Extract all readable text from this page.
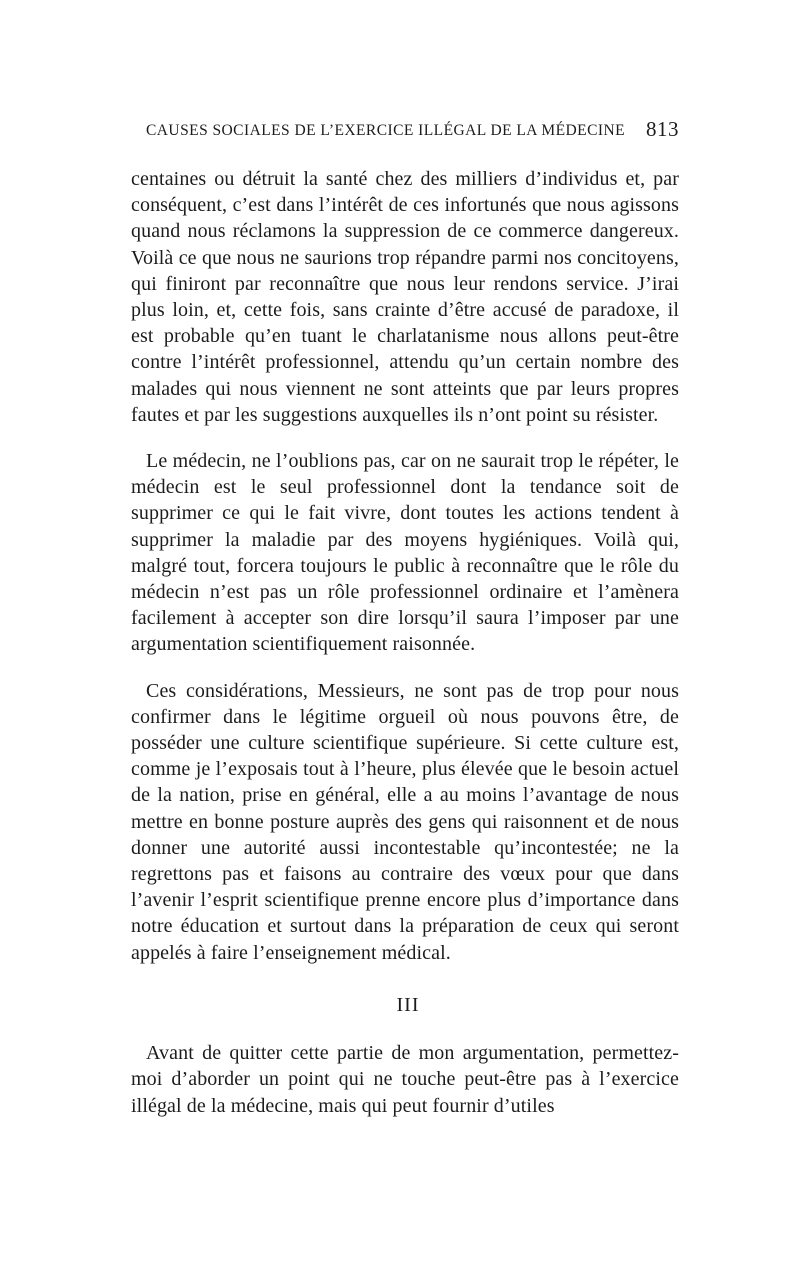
CAUSES SOCIALES DE L’EXERCICE ILLÉGAL DE LA MÉDECINE 813

centaines ou détruit la santé chez des milliers d’individus et, par conséquent, c’est dans l’intérêt de ces infortunés que nous agissons quand nous réclamons la suppression de ce commerce dangereux. Voilà ce que nous ne saurions trop répandre parmi nos concitoyens, qui finiront par reconnaître que nous leur rendons service. J’irai plus loin, et, cette fois, sans crainte d’être accusé de paradoxe, il est probable qu’en tuant le charlatanisme nous allons peut-être contre l’intérêt professionnel, attendu qu’un certain nombre des malades qui nous viennent ne sont atteints que par leurs propres fautes et par les suggestions auxquelles ils n’ont point su résister.

Le médecin, ne l’oublions pas, car on ne saurait trop le répéter, le médecin est le seul professionnel dont la tendance soit de supprimer ce qui le fait vivre, dont toutes les actions tendent à supprimer la maladie par des moyens hygiéniques. Voilà qui, malgré tout, forcera toujours le public à reconnaître que le rôle du médecin n’est pas un rôle professionnel ordinaire et l’amènera facilement à accepter son dire lorsqu’il saura l’imposer par une argumentation scientifiquement raisonnée.

Ces considérations, Messieurs, ne sont pas de trop pour nous confirmer dans le légitime orgueil où nous pouvons être, de posséder une culture scientifique supérieure. Si cette culture est, comme je l’exposais tout à l’heure, plus élevée que le besoin actuel de la nation, prise en général, elle a au moins l’avantage de nous mettre en bonne posture auprès des gens qui raisonnent et de nous donner une autorité aussi incontestable qu’incontestée; ne la regrettons pas et faisons au contraire des vœux pour que dans l’avenir l’esprit scientifique prenne encore plus d’importance dans notre éducation et surtout dans la préparation de ceux qui seront appelés à faire l’enseignement médical.

III

Avant de quitter cette partie de mon argumentation, permettez-moi d’aborder un point qui ne touche peut-être pas à l’exercice illégal de la médecine, mais qui peut fournir d’utiles
